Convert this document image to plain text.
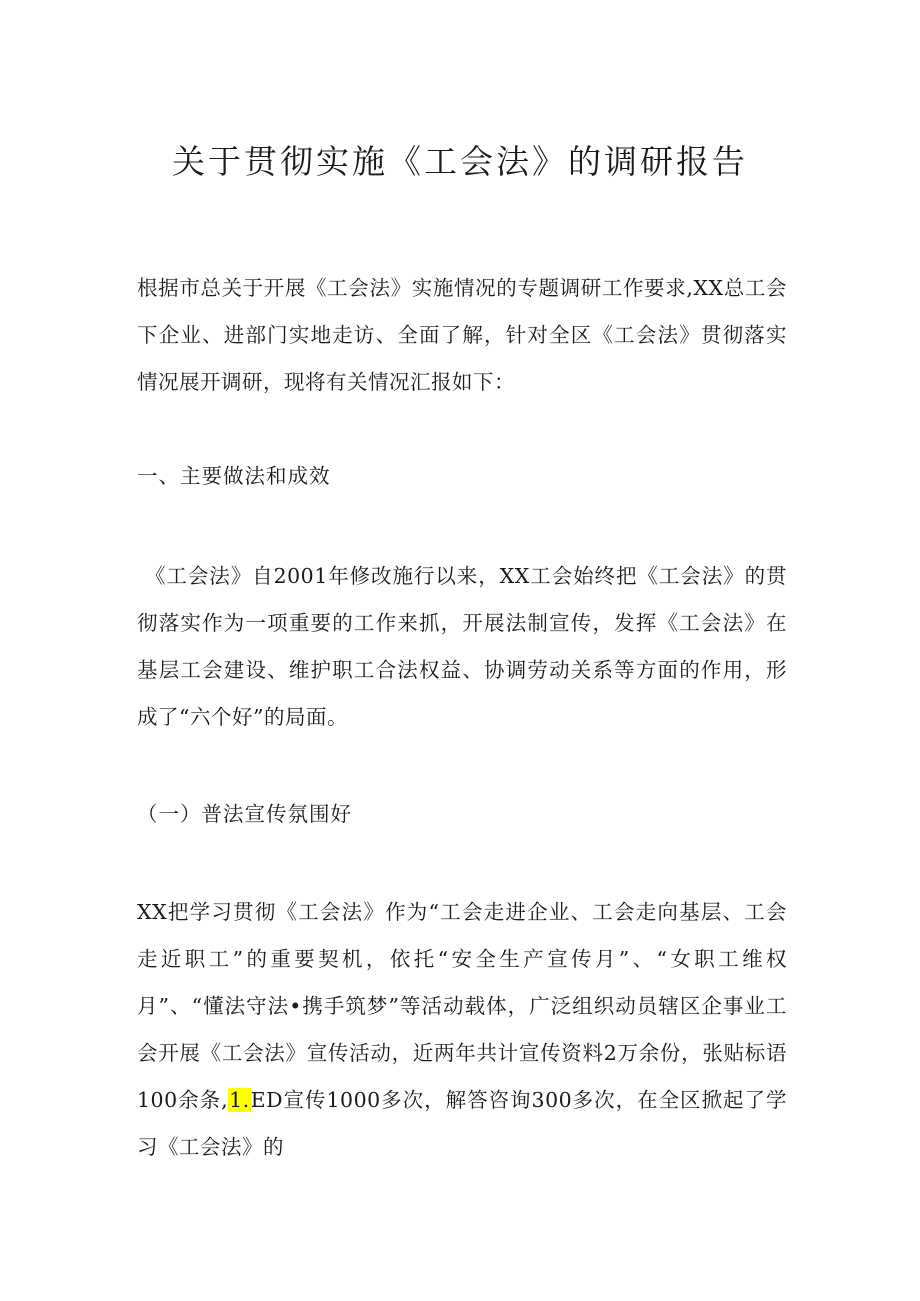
关于贯彻实施《工会法》的调研报告

根据市总关于开展《工会法》实施情况的专题调研工作要求,XX总工会下企业、进部门实地走访、全面了解，针对全区《工会法》贯彻落实情况展开调研，现将有关情况汇报如下：

一、主要做法和成效

《工会法》自2001年修改施行以来，XX工会始终把《工会法》的贯彻落实作为一项重要的工作来抓，开展法制宣传，发挥《工会法》在基层工会建设、维护职工合法权益、协调劳动关系等方面的作用，形成了“六个好”的局面。

（一）普法宣传氛围好

XX把学习贯彻《工会法》作为“工会走进企业、工会走向基层、工会走近职工”的重要契机，依托“安全生产宣传月”、“女职工维权月”、“懂法守法•携手筑梦”等活动载体，广泛组织动员辖区企事业工会开展《工会法》宣传活动，近两年共计宣传资料2万余份，张贴标语100余条,1.ED宣传1000多次，解答咨询300多次，在全区掀起了学习《工会法》的
